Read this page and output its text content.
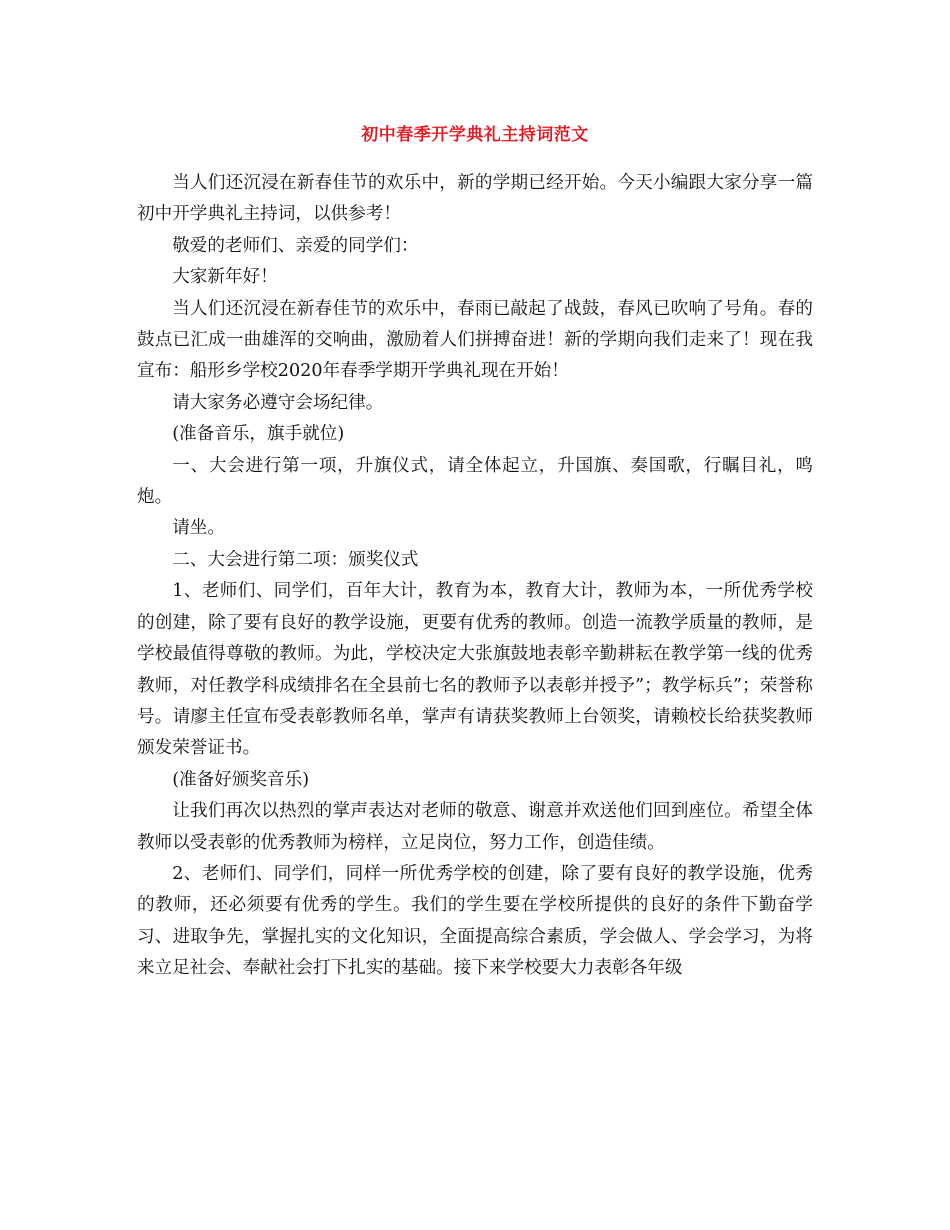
初中春季开学典礼主持词范文

当人们还沉浸在新春佳节的欢乐中，新的学期已经开始。今天小编跟大家分享一篇初中开学典礼主持词，以供参考！

敬爱的老师们、亲爱的同学们：

大家新年好！

当人们还沉浸在新春佳节的欢乐中，春雨已敲起了战鼓，春风已吹响了号角。春的鼓点已汇成一曲雄浑的交响曲，激励着人们拼搏奋进！新的学期向我们走来了！现在我宣布：船形乡学校2020年春季学期开学典礼现在开始！

请大家务必遵守会场纪律。

(准备音乐，旗手就位)

一、大会进行第一项，升旗仪式，请全体起立，升国旗、奏国歌，行瞩目礼，鸣炮。

请坐。

二、大会进行第二项：颁奖仪式

1、老师们、同学们，百年大计，教育为本，教育大计，教师为本，一所优秀学校的创建，除了要有良好的教学设施，更要有优秀的教师。创造一流教学质量的教师，是学校最值得尊敬的教师。为此，学校决定大张旗鼓地表彰辛勤耕耘在教学第一线的优秀教师，对任教学科成绩排名在全县前七名的教师予以表彰并授予”；教学标兵”；荣誉称号。请廖主任宣布受表彰教师名单，掌声有请获奖教师上台领奖，请赖校长给获奖教师颁发荣誉证书。

(准备好颁奖音乐)

让我们再次以热烈的掌声表达对老师的敬意、谢意并欢送他们回到座位。希望全体教师以受表彰的优秀教师为榜样，立足岗位，努力工作，创造佳绩。

2、老师们、同学们，同样一所优秀学校的创建，除了要有良好的教学设施，优秀的教师，还必须要有优秀的学生。我们的学生要在学校所提供的良好的条件下勤奋学习、进取争先，掌握扎实的文化知识，全面提高综合素质，学会做人、学会学习，为将来立足社会、奉献社会打下扎实的基础。接下来学校要大力表彰各年级
